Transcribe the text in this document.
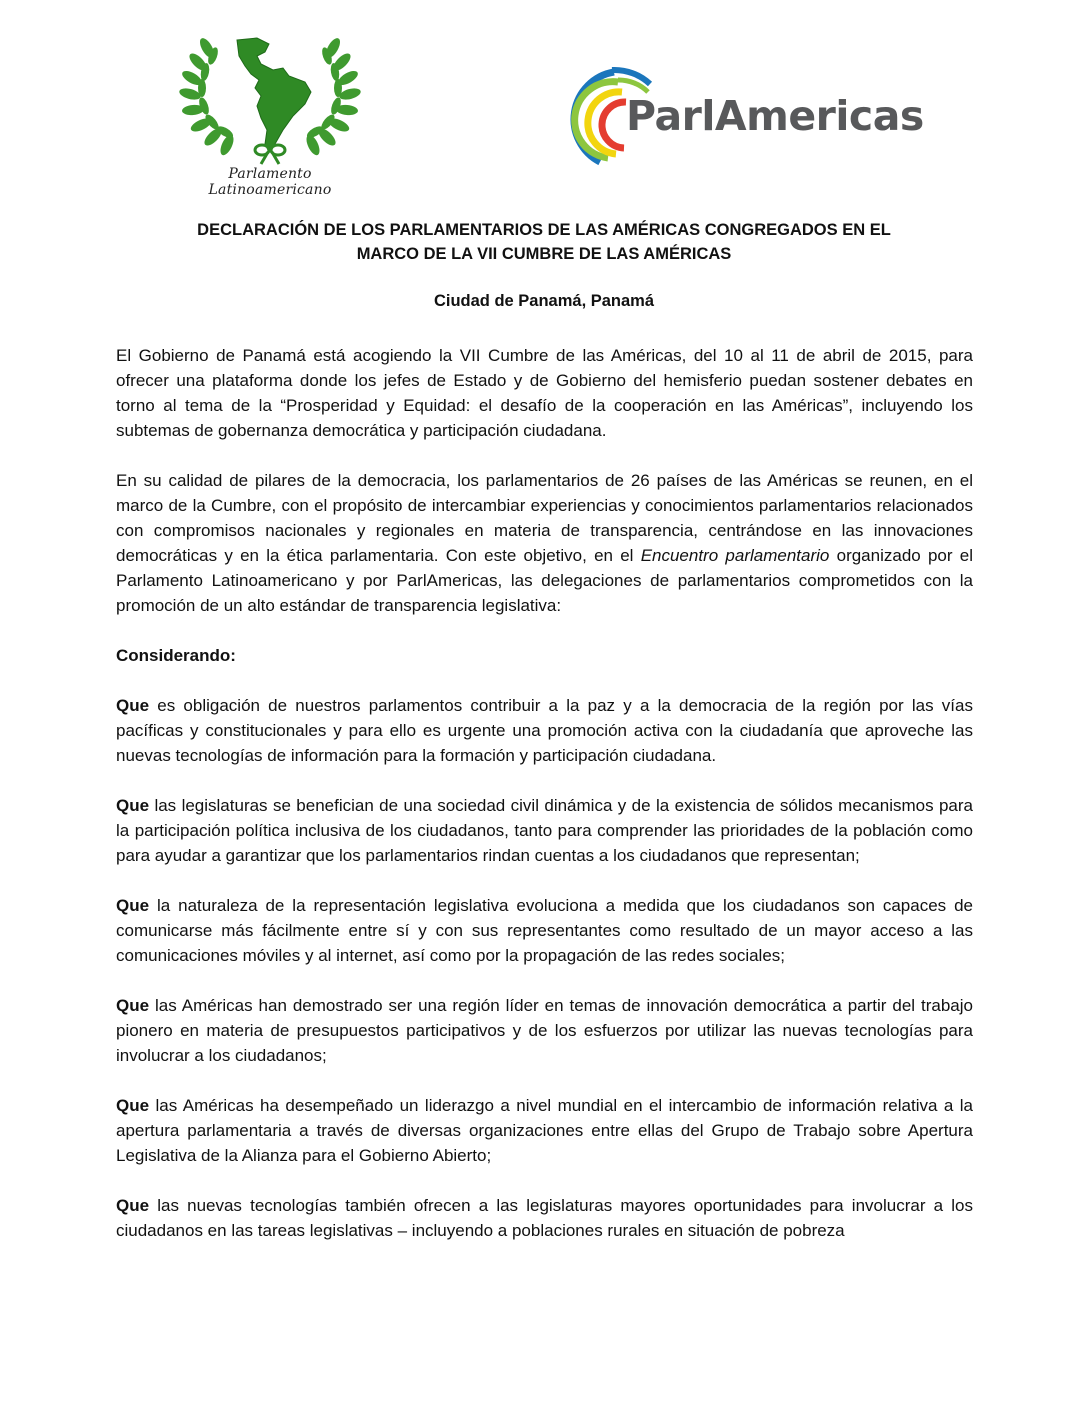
Parlamento Latinoamericano
ParlAmericas
DECLARACIÓN DE LOS PARLAMENTARIOS DE LAS AMÉRICAS CONGREGADOS EN EL
MARCO DE LA VII CUMBRE DE LAS AMÉRICAS
Ciudad de Panamá, Panamá

El Gobierno de Panamá está acogiendo la VII Cumbre de las Américas, del 10 al 11 de abril de 2015, para ofrecer una plataforma donde los jefes de Estado y de Gobierno del hemisferio puedan sostener debates en torno al tema de la “Prosperidad y Equidad: el desafío de la cooperación en las Américas”, incluyendo los subtemas de gobernanza democrática y participación ciudadana.

En su calidad de pilares de la democracia, los parlamentarios de 26 países de las Américas se reunen, en el marco de la Cumbre, con el propósito de intercambiar experiencias y conocimientos parlamentarios relacionados con compromisos nacionales y regionales en materia de transparencia, centrándose en las innovaciones democráticas y en la ética parlamentaria. Con este objetivo, en el Encuentro parlamentario organizado por el Parlamento Latinoamericano y por ParlAmericas, las delegaciones de parlamentarios comprometidos con la promoción de un alto estándar de transparencia legislativa:

Considerando:

Que es obligación de nuestros parlamentos contribuir a la paz y a la democracia de la región por las vías pacíficas y constitucionales y para ello es urgente una promoción activa con la ciudadanía que aproveche las nuevas tecnologías de información para la formación y participación ciudadana.

Que las legislaturas se benefician de una sociedad civil dinámica y de la existencia de sólidos mecanismos para la participación política inclusiva de los ciudadanos, tanto para comprender las prioridades de la población como para ayudar a garantizar que los parlamentarios rindan cuentas a los ciudadanos que representan;

Que la naturaleza de la representación legislativa evoluciona a medida que los ciudadanos son capaces de comunicarse más fácilmente entre sí y con sus representantes como resultado de un mayor acceso a las comunicaciones móviles y al internet, así como por la propagación de las redes sociales;

Que las Américas han demostrado ser una región líder en temas de innovación democrática a partir del trabajo pionero en materia de presupuestos participativos y de los esfuerzos por utilizar las nuevas tecnologías para involucrar a los ciudadanos;

Que las Américas ha desempeñado un liderazgo a nivel mundial en el intercambio de información relativa a la apertura parlamentaria a través de diversas organizaciones entre ellas del Grupo de Trabajo sobre Apertura Legislativa de la Alianza para el Gobierno Abierto;

Que las nuevas tecnologías también ofrecen a las legislaturas mayores oportunidades para involucrar a los ciudadanos en las tareas legislativas – incluyendo a poblaciones rurales en situación de pobreza
